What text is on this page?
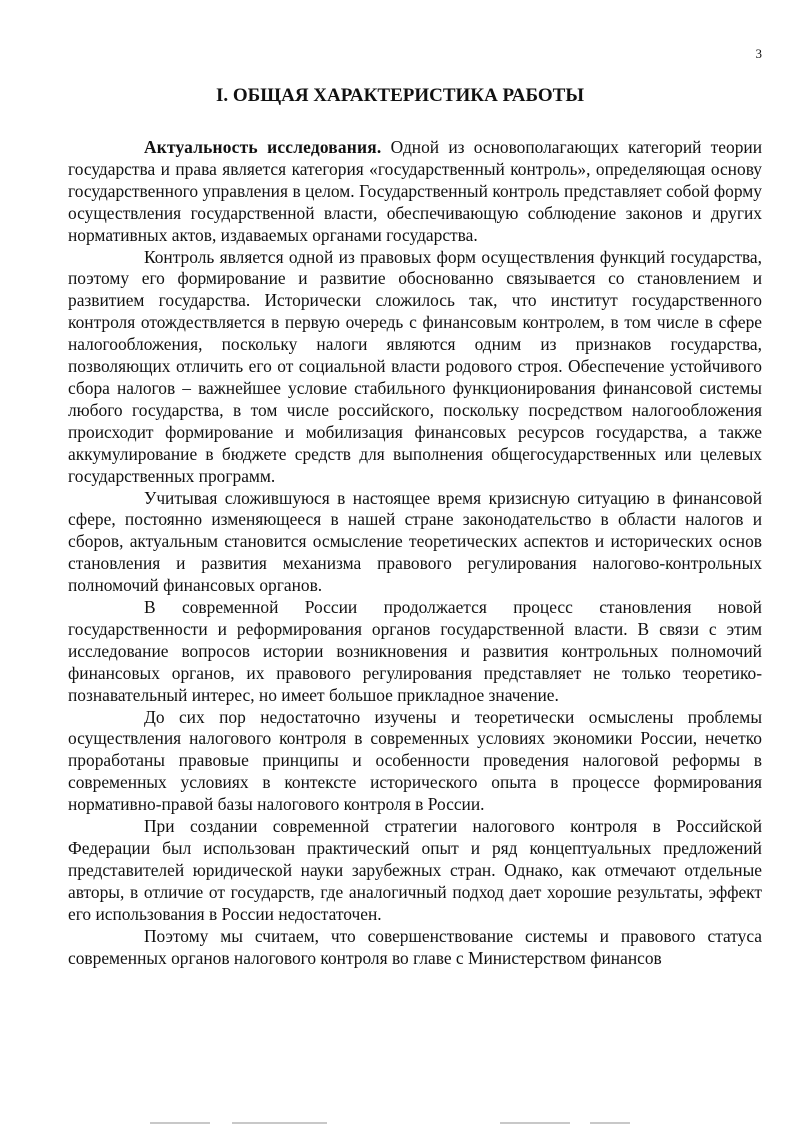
3
I. ОБЩАЯ ХАРАКТЕРИСТИКА РАБОТЫ

Актуальность исследования. Одной из основополагающих категорий теории государства и права является категория «государственный контроль», определяющая основу государственного управления в целом. Государственный контроль представляет собой форму осуществления государственной власти, обеспечивающую соблюдение законов и других нормативных актов, издаваемых органами государства.

Контроль является одной из правовых форм осуществления функций государства, поэтому его формирование и развитие обоснованно связывается со становлением и развитием государства. Исторически сложилось так, что институт государственного контроля отождествляется в первую очередь с финансовым контролем, в том числе в сфере налогообложения, поскольку налоги являются одним из признаков государства, позволяющих отличить его от социальной власти родового строя. Обеспечение устойчивого сбора налогов – важнейшее условие стабильного функционирования финансовой системы любого государства, в том числе российского, поскольку посредством налогообложения происходит формирование и мобилизация финансовых ресурсов государства, а также аккумулирование в бюджете средств для выполнения общегосударственных или целевых государственных программ.

Учитывая сложившуюся в настоящее время кризисную ситуацию в финансовой сфере, постоянно изменяющееся в нашей стране законодательство в области налогов и сборов, актуальным становится осмысление теоретических аспектов и исторических основ становления и развития механизма правового регулирования налогово-контрольных полномочий финансовых органов.

В современной России продолжается процесс становления новой государственности и реформирования органов государственной власти. В связи с этим исследование вопросов истории возникновения и развития контрольных полномочий финансовых органов, их правового регулирования представляет не только теоретико-познавательный интерес, но имеет большое прикладное значение.

До сих пор недостаточно изучены и теоретически осмыслены проблемы осуществления налогового контроля в современных условиях экономики России, нечетко проработаны правовые принципы и особенности проведения налоговой реформы в современных условиях в контексте исторического опыта в процессе формирования нормативно-правой базы налогового контроля в России.

При создании современной стратегии налогового контроля в Российской Федерации был использован практический опыт и ряд концептуальных предложений представителей юридической науки зарубежных стран. Однако, как отмечают отдельные авторы, в отличие от государств, где аналогичный подход дает хорошие результаты, эффект его использования в России недостаточен.

Поэтому мы считаем, что совершенствование системы и правового статуса современных органов налогового контроля во главе с Министерством финансов
